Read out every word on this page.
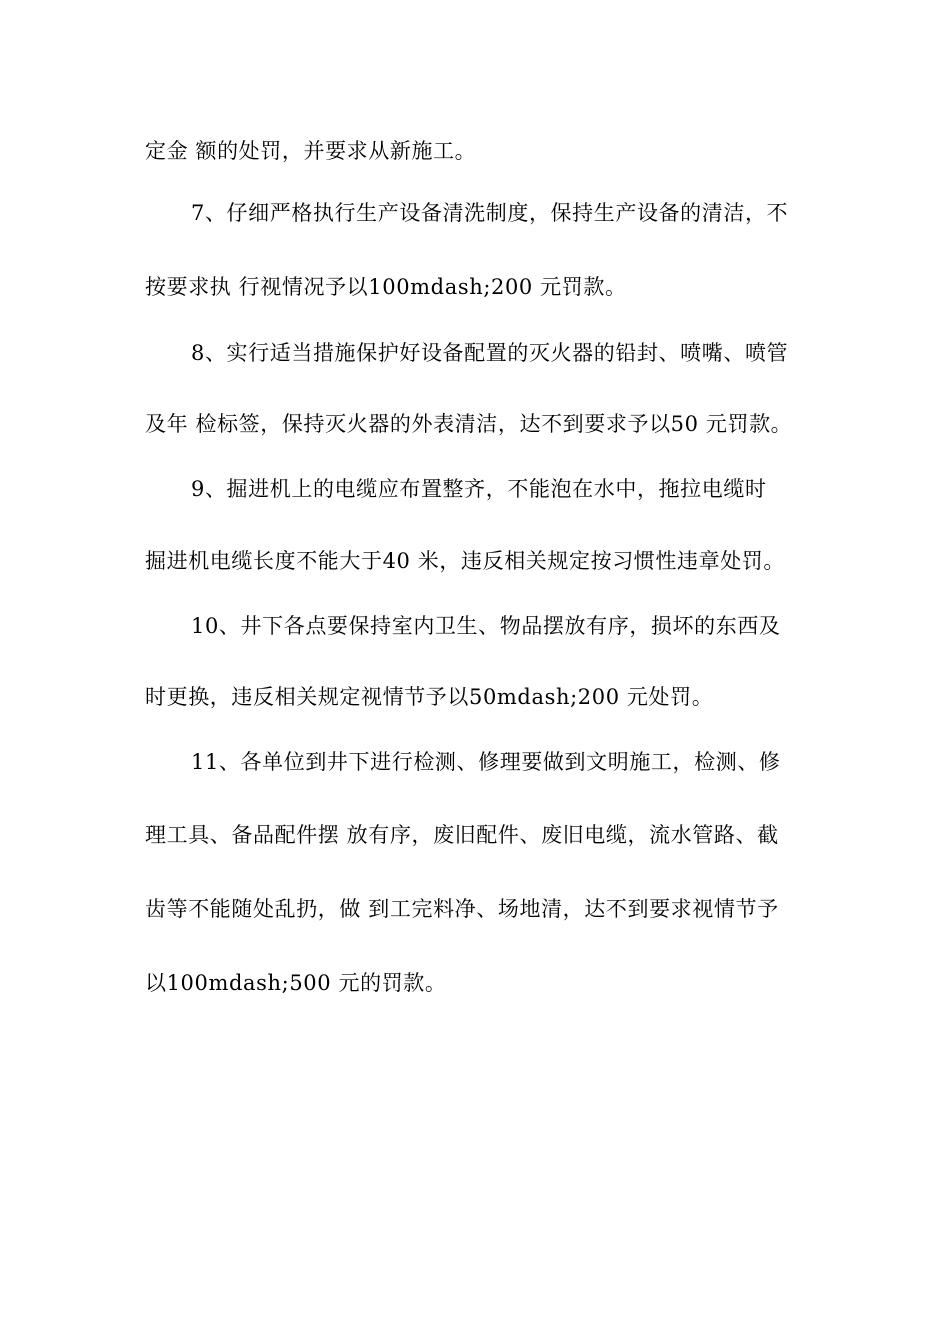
定金 额的处罚，并要求从新施工。
7、仔细严格执行生产设备清洗制度，保持生产设备的清洁，不
按要求执 行视情况予以100mdash;200 元罚款。
8、实行适当措施保护好设备配置的灭火器的铅封、喷嘴、喷管
及年 检标签，保持灭火器的外表清洁，达不到要求予以50 元罚款。
9、掘进机上的电缆应布置整齐，不能泡在水中，拖拉电缆时
掘进机电缆长度不能大于40 米，违反相关规定按习惯性违章处罚。
10、井下各点要保持室内卫生、物品摆放有序，损坏的东西及
时更换，违反相关规定视情节予以50mdash;200 元处罚。
11、各单位到井下进行检测、修理要做到文明施工，检测、修
理工具、备品配件摆 放有序，废旧配件、废旧电缆，流水管路、截
齿等不能随处乱扔，做 到工完料净、场地清，达不到要求视情节予
以100mdash;500 元的罚款。
